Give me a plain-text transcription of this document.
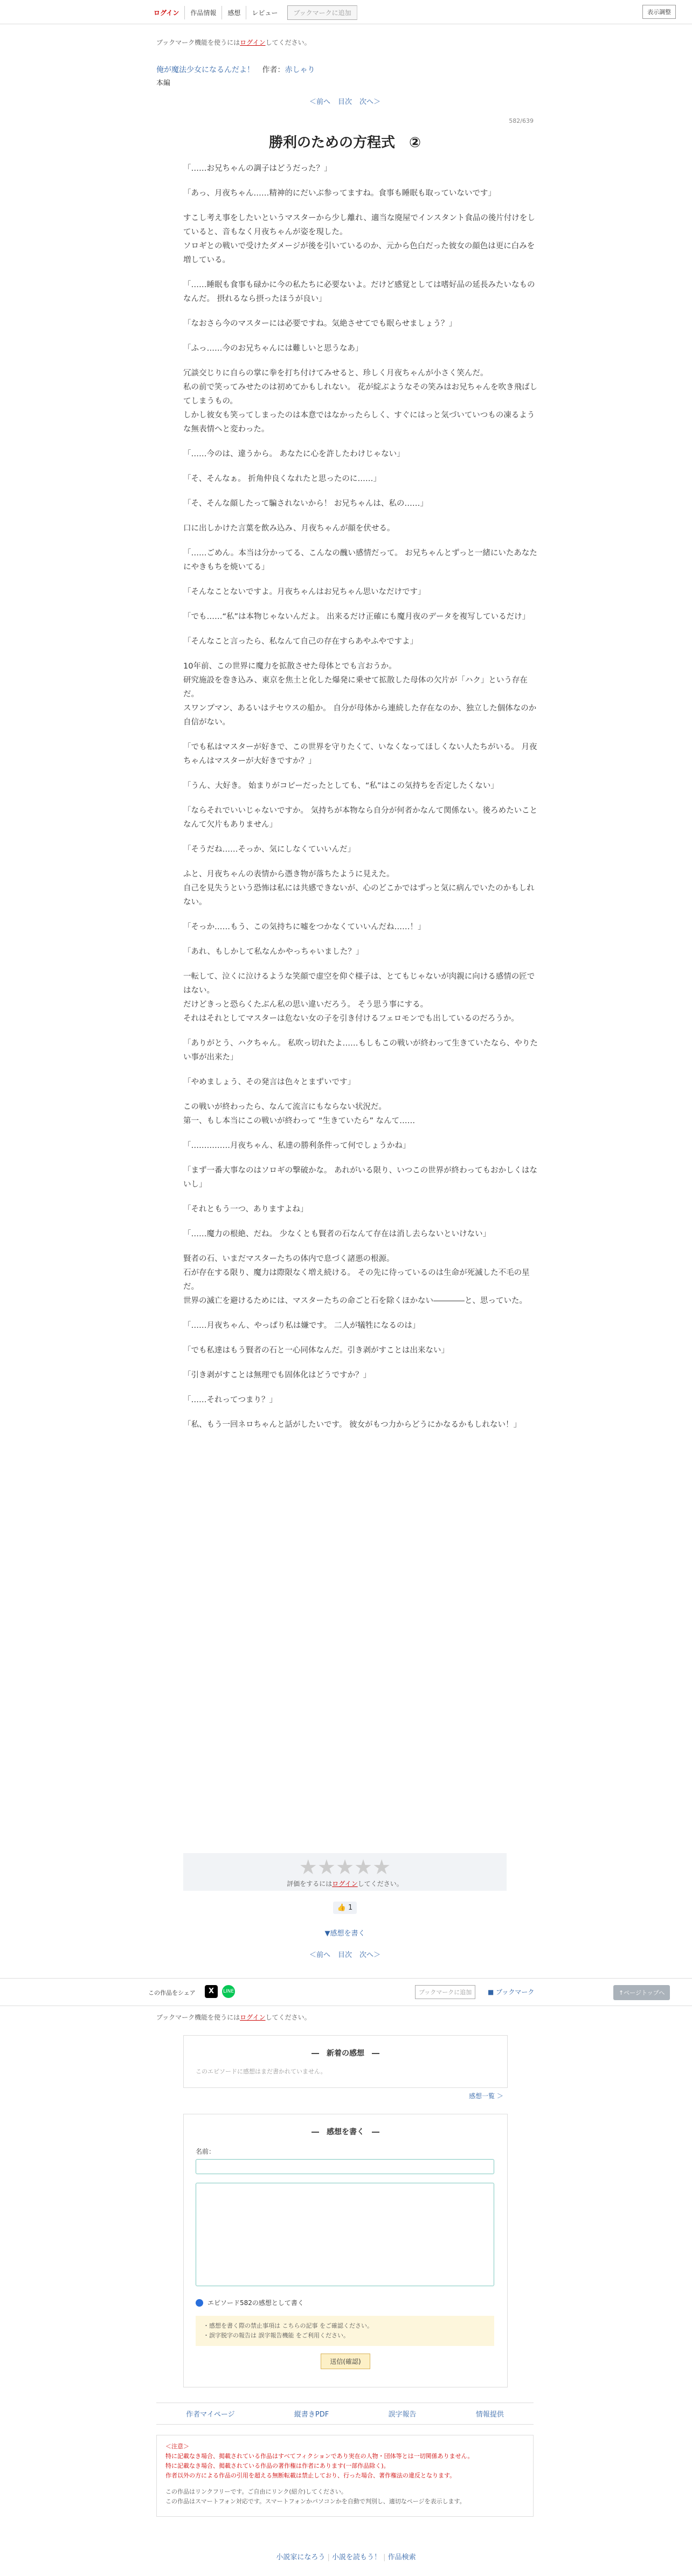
ログイン	作品情報	感想	レビュー	ブックマークに追加	表示調整
ブックマーク機能を使うにはログインしてください。
俺が魔法少女になるんだよ！ 作者：赤しゃり
本編
＜前へ 目次 次へ＞
582/639
勝利のための方程式　②

「……お兄ちゃんの調子はどうだった？」

「あっ、月夜ちゃん……精神的にだいぶ参ってますね。食事も睡眠も取っていないです」

すこし考え事をしたいというマスターから少し離れ、適当な廃屋でインスタント食品の後片付けをしていると、音もなく月夜ちゃんが姿を現した。

ソロギとの戦いで受けたダメージが後を引いているのか、元から色白だった彼女の顔色は更に白みを増している。

「……睡眠も食事も碌かに今の私たちに必要ないよ。だけど感覚としては嗜好品の延長みたいなものなんだ。 摂れるなら摂ったほうが良い」

「なおさら今のマスターには必要ですね。気絶させてでも眠らせましょう？」

「ふっ……今のお兄ちゃんには難しいと思うなあ」

冗談交じりに自らの掌に拳を打ち付けてみせると、珍しく月夜ちゃんが小さく笑んだ。

私の前で笑ってみせたのは初めてかもしれない。 花が綻ぶようなその笑みはお兄ちゃんを吹き飛ばしてしまうもの。

しかし彼女も笑ってしまったのは本意ではなかったらしく、すぐにはっと気づいていつもの凍るような無表情へと変わった。

「……今のは、違うから。 あなたに心を許したわけじゃない」

「そ、そんなぁ。 折角仲良くなれたと思ったのに……」

「そ、そんな顔したって騙されないから！ お兄ちゃんは、私の……」

口に出しかけた言葉を飲み込み、月夜ちゃんが顔を伏せる。

「……ごめん。本当は分かってる、こんなの醜い感情だって。 お兄ちゃんとずっと一緒にいたあなたにやきもちを焼いてる」

「そんなことないですよ。月夜ちゃんはお兄ちゃん思いなだけです」

「でも……“私”は本物じゃないんだよ。 出来るだけ正確にも魔月夜のデータを複写しているだけ」

「そんなこと言ったら、私なんて自己の存在すらあやふやですよ」

10年前、この世界に魔力を拡散させた母体とでも言おうか。

研究施設を巻き込み、東京を焦土と化した爆発に乗せて拡散した母体の欠片が「ハク」という存在だ。

スワンプマン、あるいはテセウスの船か。 自分が母体から連続した存在なのか、独立した個体なのか自信がない。

「でも私はマスターが好きで、この世界を守りたくて、いなくなってほしくない人たちがいる。 月夜ちゃんはマスターが大好きですか？」

「うん、大好き。 始まりがコピーだったとしても、“私”はこの気持ちを否定したくない」

「ならそれでいいじゃないですか。 気持ちが本物なら自分が何者かなんて関係ない。後ろめたいことなんて欠片もありません」

「そうだね……そっか、気にしなくていいんだ」

ふと、月夜ちゃんの表情から憑き物が落ちたように見えた。

自己を見失うという恐怖は私には共感できないが、心のどこかではずっと気に病んでいたのかもしれない。

「そっか……もう、この気持ちに嘘をつかなくていいんだね……！」

「あれ、もしかして私なんかやっちゃいました？」

一転して、泣くに泣けるような笑顔で虚空を仰ぐ様子は、とてもじゃないが肉親に向ける感情の匠ではない。

だけどきっと恐らくたぶん私の思い違いだろう。 そう思う事にする。

それはそれとしてマスターは危ない女の子を引き付けるフェロモンでも出しているのだろうか。

「ありがとう、ハクちゃん。 私吹っ切れたよ……もしもこの戦いが終わって生きていたなら、やりたい事が出来た」

「やめましょう、その発言は色々とまずいです」

この戦いが終わったら、なんて流言にもならない状況だ。

第一、もし本当にこの戦いが終わって “生きていたら” なんて……

「……………月夜ちゃん、私達の勝利条件って何でしょうかね」

「まず一番大事なのはソロギの撃破かな。 あれがいる限り、いつこの世界が終わってもおかしくはないし」

「それともう一つ、ありますよね」

「……魔力の根絶、だね。 少なくとも賢者の石なんて存在は消し去らないといけない」

賢者の石、いまだマスターたちの体内で息づく諸悪の根源。

石が存在する限り、魔力は際限なく増え続ける。 その先に待っているのは生命が死滅した不毛の星だ。

世界の滅亡を避けるためには、マスターたちの命ごと石を除くほかない――――と、思っていた。

「……月夜ちゃん、やっぱり私は嫌です。 二人が犠牲になるのは」

「でも私達はもう賢者の石と一心同体なんだ。引き剥がすことは出来ない」

「引き剥がすことは無理でも固体化はどうですか？」

「……それってつまり？」

「私、もう一回ネロちゃんと話がしたいです。 彼女がもつ力からどうにかなるかもしれない！」

★★★★★
評価をするにはログインしてください。
👍 1
▼感想を書く
＜前へ 目次 次へ＞
この作品をシェア	X	LINE	ブックマークに追加	■ ブックマーク	↑ページトップへ
ブックマーク機能を使うにはログインしてください。
―　新着の感想　―
このエピソードに感想はまだ書かれていません。
感想一覧 ＞
―　感想を書く　―
名前：
エピソード582の感想として書く
・感想を書く際の禁止事項は こちらの記事 をご確認ください。
・誤字脱字の報告は 誤字報告機能 をご利用ください。
送信(確認)
作者マイページ	縦書きPDF	誤字報告	情報提供
＜注意＞
特に記載なき場合、掲載されている作品はすべてフィクションであり実在の人物・団体等とは一切関係ありません。
特に記載なき場合、掲載されている作品の著作権は作者にあります(一部作品除く)。
作者以外の方による作品の引用を超える無断転載は禁止しており、行った場合、著作権法の違反となります。
この作品はリンクフリーです。ご自由にリンク(紹介)してください。
この作品はスマートフォン対応です。スマートフォンかパソコンかを自動で判別し、適切なページを表示します。
小説家になろう | 小説を読もう！ | 作品検索
